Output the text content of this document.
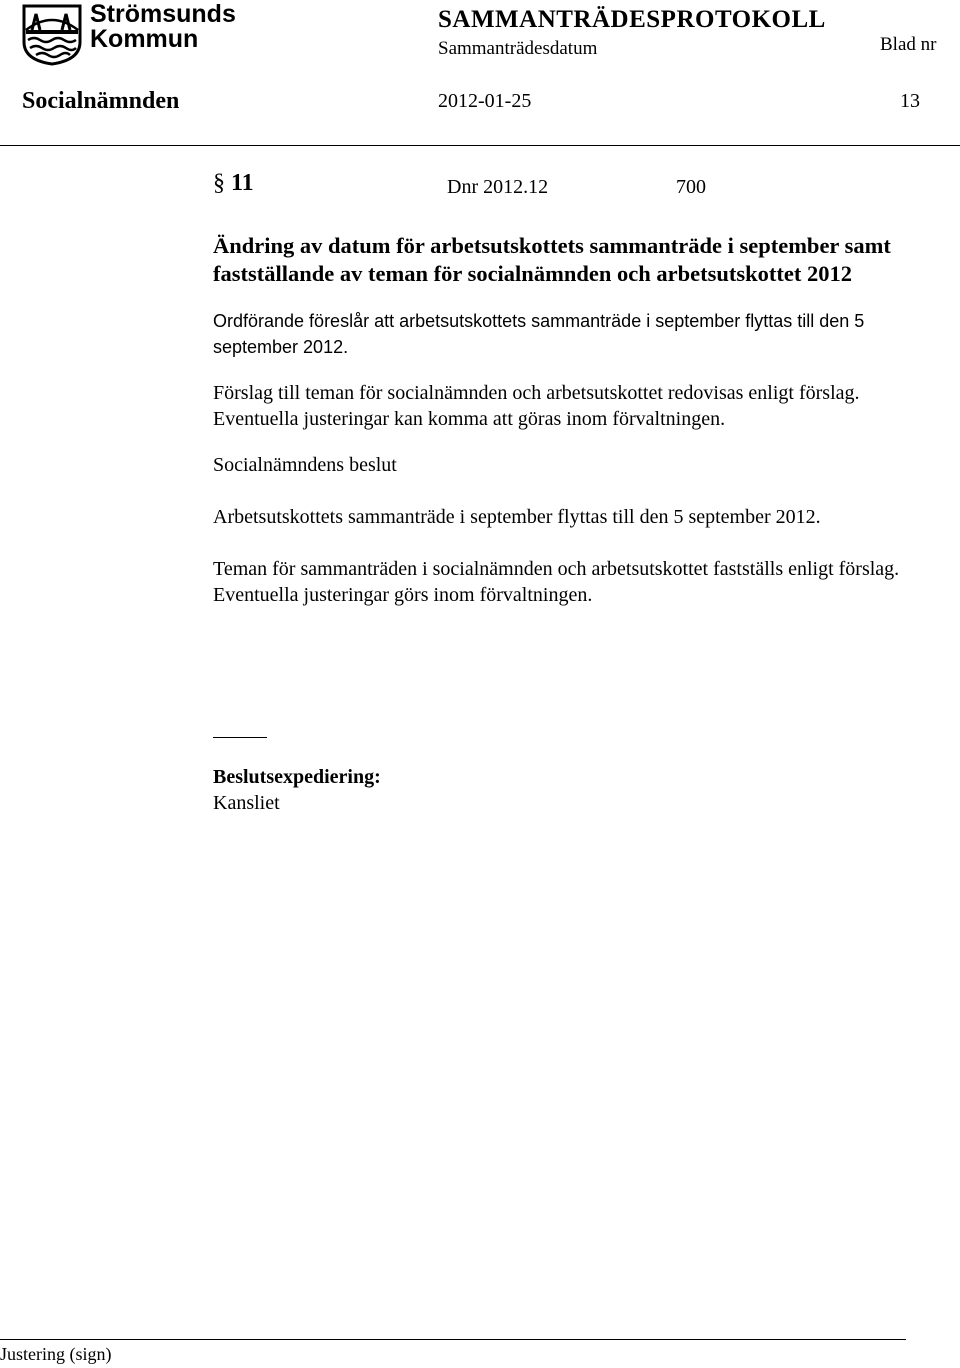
Strömsunds
Kommun
SAMMANTRÄDESPROTOKOLL
Sammanträdesdatum	Blad nr
Socialnämnden	2012-01-25	13
§ 11	Dnr 2012.12	700

Ändring av datum för arbetsutskottets sammanträde i september samt fastställande av teman för socialnämnden och arbetsutskottet 2012

Ordförande föreslår att arbetsutskottets sammanträde i september flyttas till den 5 september 2012.

Förslag till teman för socialnämnden och arbetsutskottet redovisas enligt förslag. Eventuella justeringar kan komma att göras inom förvaltningen.

Socialnämndens beslut

Arbetsutskottets sammanträde i september flyttas till den 5 september 2012.

Teman för sammanträden i socialnämnden och arbetsutskottet fastställs enligt förslag. Eventuella justeringar görs inom förvaltningen.

Beslutsexpediering:
Kansliet
Justering (sign)
